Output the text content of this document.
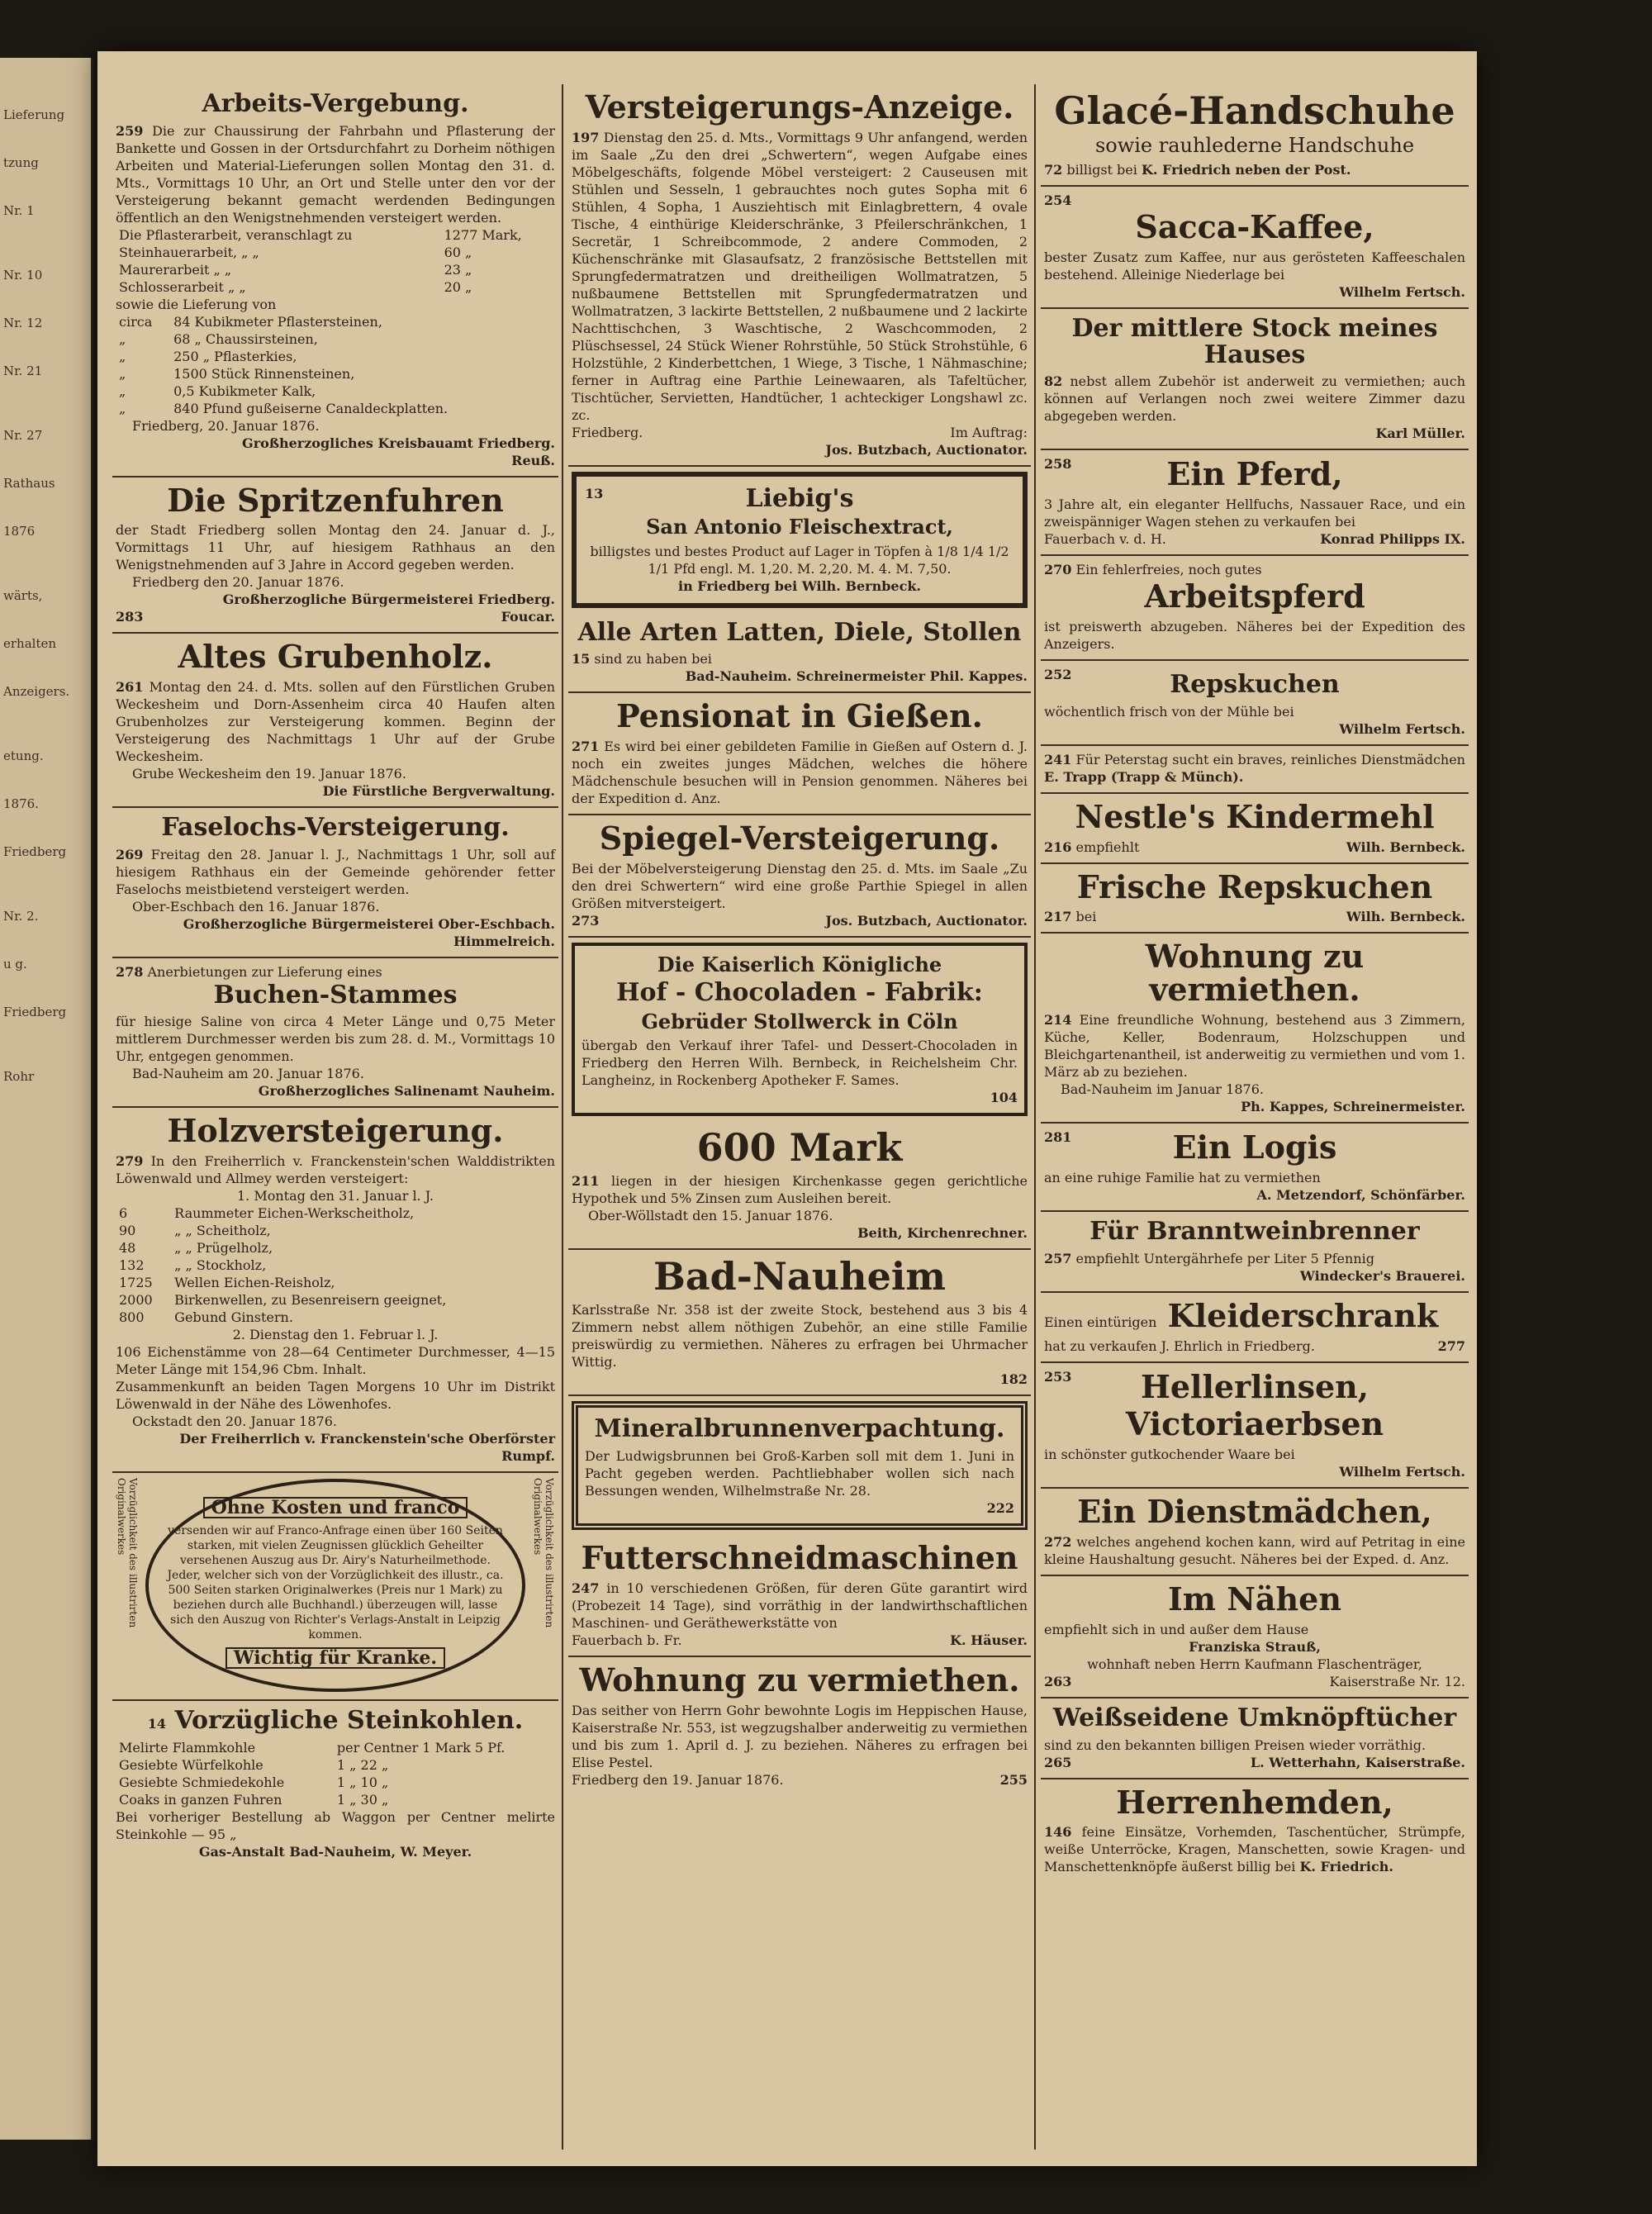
Lieferung
tzung
Nr. 1
Nr. 10
Nr. 12
Nr. 21
Nr. 27
Rathaus
1876
wärts,
erhalten
Anzeigers.
etung.
1876.
Friedberg
Nr. 2.
u g.
Friedberg
Rohr
Arbeits-Vergebung.
259 Die zur Chaussirung der Fahrbahn und Pflasterung der Bankette und Gossen in der Ortsdurchfahrt zu Dorheim nöthigen Arbeiten und Material-Lieferungen sollen Montag den 31. d. Mts., Vormittags 10 Uhr, an Ort und Stelle unter den vor der Versteigerung bekannt gemacht werdenden Bedingungen öffentlich an den Wenigstnehmenden versteigert werden.
Die Pflasterarbeit, veranschlagt zu	1277 Mark,
Steinhauerarbeit, „ „	60 „
Maurerarbeit „ „	23 „
Schlosserarbeit „ „	20 „
sowie die Lieferung von
circa	84 Kubikmeter Pflastersteinen,
„	68 „ Chaussirsteinen,
„	250 „ Pflasterkies,
„	1500 Stück Rinnensteinen,
„	0,5 Kubikmeter Kalk,
„	840 Pfund gußeiserne Canaldeckplatten.
Friedberg, 20. Januar 1876.
Großherzogliches Kreisbauamt Friedberg.
Reuß.
Die Spritzenfuhren
der Stadt Friedberg sollen Montag den 24. Januar d. J., Vormittags 11 Uhr, auf hiesigem Rathhaus an den Wenigstnehmenden auf 3 Jahre in Accord gegeben werden.
Friedberg den 20. Januar 1876.
Großherzogliche Bürgermeisterei Friedberg.
283	Foucar.
Altes Grubenholz.
261 Montag den 24. d. Mts. sollen auf den Fürstlichen Gruben Weckesheim und Dorn-Assenheim circa 40 Haufen alten Grubenholzes zur Versteigerung kommen. Beginn der Versteigerung des Nachmittags 1 Uhr auf der Grube Weckesheim.
Grube Weckesheim den 19. Januar 1876.
Die Fürstliche Bergverwaltung.
Faselochs-Versteigerung.
269 Freitag den 28. Januar l. J., Nachmittags 1 Uhr, soll auf hiesigem Rathhaus ein der Gemeinde gehörender fetter Faselochs meistbietend versteigert werden.
Ober-Eschbach den 16. Januar 1876.
Großherzogliche Bürgermeisterei Ober-Eschbach.
Himmelreich.
278 Anerbietungen zur Lieferung eines
Buchen-Stammes
für hiesige Saline von circa 4 Meter Länge und 0,75 Meter mittlerem Durchmesser werden bis zum 28. d. M., Vormittags 10 Uhr, entgegen genommen.
Bad-Nauheim am 20. Januar 1876.
Großherzogliches Salinenamt Nauheim.
Holzversteigerung.
279 In den Freiherrlich v. Franckenstein'schen Walddistrikten Löwenwald und Allmey werden versteigert:
1. Montag den 31. Januar l. J.
6	Raummeter Eichen-Werkscheitholz,
90	„ „ Scheitholz,
48	„ „ Prügelholz,
132	„ „ Stockholz,
1725	Wellen Eichen-Reisholz,
2000	Birkenwellen, zu Besenreisern geeignet,
800	Gebund Ginstern.
2. Dienstag den 1. Februar l. J.
106 Eichenstämme von 28—64 Centimeter Durchmesser, 4—15 Meter Länge mit 154,96 Cbm. Inhalt.
Zusammenkunft an beiden Tagen Morgens 10 Uhr im Distrikt Löwenwald in der Nähe des Löwenhofes.
Ockstadt den 20. Januar 1876.
Der Freiherrlich v. Franckenstein'sche Oberförster
Rumpf.
Vorzüglichkeit des illustrirten Originalwerkes	Ohne Kosten und franco
versenden wir auf Franco-Anfrage einen über 160 Seiten starken, mit vielen Zeugnissen glücklich Geheilter versehenen Auszug aus Dr. Airy's Naturheilmethode. Jeder, welcher sich von der Vorzüglichkeit des illustr., ca. 500 Seiten starken Originalwerkes (Preis nur 1 Mark) zu beziehen durch alle Buchhandl.) überzeugen will, lasse sich den Auszug von Richter's Verlags-Anstalt in Leipzig kommen.
Wichtig für Kranke.
Vorzüglichkeit des illustrirten Originalwerkes
14 Vorzügliche Steinkohlen.
Melirte Flammkohle	per Centner 1 Mark 5 Pf.
Gesiebte Würfelkohle	1 „ 22 „
Gesiebte Schmiedekohle	1 „ 10 „
Coaks in ganzen Fuhren	1 „ 30 „
Bei vorheriger Bestellung ab Waggon per Centner melirte Steinkohle — 95 „
Gas-Anstalt Bad-Nauheim, W. Meyer.
Versteigerungs-Anzeige.
197 Dienstag den 25. d. Mts., Vormittags 9 Uhr anfangend, werden im Saale „Zu den drei „Schwertern“, wegen Aufgabe eines Möbelgeschäfts, folgende Möbel versteigert: 2 Causeusen mit Stühlen und Sesseln, 1 gebrauchtes noch gutes Sopha mit 6 Stühlen, 4 Sopha, 1 Ausziehtisch mit Einlagbrettern, 4 ovale Tische, 4 einthürige Kleiderschränke, 3 Pfeilerschränkchen, 1 Secretär, 1 Schreibcommode, 2 andere Commoden, 2 Küchenschränke mit Glasaufsatz, 2 französische Bettstellen mit Sprungfedermatratzen und dreitheiligen Wollmatratzen, 5 nußbaumene Bettstellen mit Sprungfedermatratzen und Wollmatratzen, 3 lackirte Bettstellen, 2 nußbaumene und 2 lackirte Nachttischchen, 3 Waschtische, 2 Waschcommoden, 2 Plüschsessel, 24 Stück Wiener Rohrstühle, 50 Stück Strohstühle, 6 Holzstühle, 2 Kinderbettchen, 1 Wiege, 3 Tische, 1 Nähmaschine; ferner in Auftrag eine Parthie Leinewaaren, als Tafeltücher, Tischtücher, Servietten, Handtücher, 1 achteckiger Longshawl zc. zc.
Friedberg.	Im Auftrag:
Jos. Butzbach, Auctionator.
13	Liebig's
San Antonio Fleischextract,
billigstes und bestes Product auf Lager in Töpfen à 1/8 1/4 1/2 1/1 Pfd engl. M. 1,20. M. 2,20. M. 4. M. 7,50.
in Friedberg bei Wilh. Bernbeck.
Alle Arten Latten, Diele, Stollen
15 sind zu haben bei
Bad-Nauheim. Schreinermeister Phil. Kappes.
Pensionat in Gießen.
271 Es wird bei einer gebildeten Familie in Gießen auf Ostern d. J. noch ein zweites junges Mädchen, welches die höhere Mädchenschule besuchen will in Pension genommen. Näheres bei der Expedition d. Anz.
Spiegel-Versteigerung.
Bei der Möbelversteigerung Dienstag den 25. d. Mts. im Saale „Zu den drei Schwertern“ wird eine große Parthie Spiegel in allen Größen mitversteigert.
273	Jos. Butzbach, Auctionator.
Die Kaiserlich Königliche
Hof - Chocoladen - Fabrik:
Gebrüder Stollwerck in Cöln
übergab den Verkauf ihrer Tafel- und Dessert-Chocoladen in Friedberg den Herren Wilh. Bernbeck, in Reichelsheim Chr. Langheinz, in Rockenberg Apotheker F. Sames.
104
600 Mark
211 liegen in der hiesigen Kirchenkasse gegen gerichtliche Hypothek und 5% Zinsen zum Ausleihen bereit.
Ober-Wöllstadt den 15. Januar 1876.
Beith, Kirchenrechner.
Bad-Nauheim
Karlsstraße Nr. 358 ist der zweite Stock, bestehend aus 3 bis 4 Zimmern nebst allem nöthigen Zubehör, an eine stille Familie preiswürdig zu vermiethen. Näheres zu erfragen bei Uhrmacher Wittig.
182
Mineralbrunnenverpachtung.
Der Ludwigsbrunnen bei Groß-Karben soll mit dem 1. Juni in Pacht gegeben werden. Pachtliebhaber wollen sich nach Bessungen wenden, Wilhelmstraße Nr. 28.
222
Futterschneidmaschinen
247 in 10 verschiedenen Größen, für deren Güte garantirt wird (Probezeit 14 Tage), sind vorräthig in der landwirthschaftlichen Maschinen- und Geräthewerkstätte von
Fauerbach b. Fr.	K. Häuser.
Wohnung zu vermiethen.
Das seither von Herrn Gohr bewohnte Logis im Heppischen Hause, Kaiserstraße Nr. 553, ist wegzugshalber anderweitig zu vermiethen und bis zum 1. April d. J. zu beziehen. Näheres zu erfragen bei Elise Pestel.
Friedberg den 19. Januar 1876.	255
Glacé-Handschuhe
sowie rauhlederne Handschuhe
72 billigst bei K. Friedrich neben der Post.
254
Sacca-Kaffee,
bester Zusatz zum Kaffee, nur aus gerösteten Kaffeeschalen bestehend. Alleinige Niederlage bei
Wilhelm Fertsch.
Der mittlere Stock meines Hauses
82 nebst allem Zubehör ist anderweit zu vermiethen; auch können auf Verlangen noch zwei weitere Zimmer dazu abgegeben werden.
Karl Müller.
258	Ein Pferd,
3 Jahre alt, ein eleganter Hellfuchs, Nassauer Race, und ein zweispänniger Wagen stehen zu verkaufen bei
Fauerbach v. d. H.	Konrad Philipps IX.
270 Ein fehlerfreies, noch gutes
Arbeitspferd
ist preiswerth abzugeben. Näheres bei der Expedition des Anzeigers.
252	Repskuchen
wöchentlich frisch von der Mühle bei
Wilhelm Fertsch.
241 Für Peterstag sucht ein braves, reinliches Dienstmädchen E. Trapp (Trapp & Münch).
Nestle's Kindermehl
216 empfiehlt	Wilh. Bernbeck.
Frische Repskuchen
217 bei	Wilh. Bernbeck.
Wohnung zu vermiethen.
214 Eine freundliche Wohnung, bestehend aus 3 Zimmern, Küche, Keller, Bodenraum, Holzschuppen und Bleichgartenantheil, ist anderweitig zu vermiethen und vom 1. März ab zu beziehen.
Bad-Nauheim im Januar 1876.
Ph. Kappes, Schreinermeister.
281	Ein Logis
an eine ruhige Familie hat zu vermiethen
A. Metzendorf, Schönfärber.
Für Branntweinbrenner
257 empfiehlt Untergährhefe per Liter 5 Pfennig
Windecker's Brauerei.
Einen eintürigen Kleiderschrank
hat zu verkaufen J. Ehrlich in Friedberg.	277
253	Hellerlinsen,
Victoriaerbsen
in schönster gutkochender Waare bei
Wilhelm Fertsch.
Ein Dienstmädchen,
272 welches angehend kochen kann, wird auf Petritag in eine kleine Haushaltung gesucht. Näheres bei der Exped. d. Anz.
Im Nähen
empfiehlt sich in und außer dem Hause
Franziska Strauß,
wohnhaft neben Herrn Kaufmann Flaschenträger,
263	Kaiserstraße Nr. 12.
Weißseidene Umknöpftücher
sind zu den bekannten billigen Preisen wieder vorräthig.
265	L. Wetterhahn, Kaiserstraße.
Herrenhemden,
146 feine Einsätze, Vorhemden, Taschentücher, Strümpfe, weiße Unterröcke, Kragen, Manschetten, sowie Kragen- und Manschettenknöpfe äußerst billig bei K. Friedrich.
